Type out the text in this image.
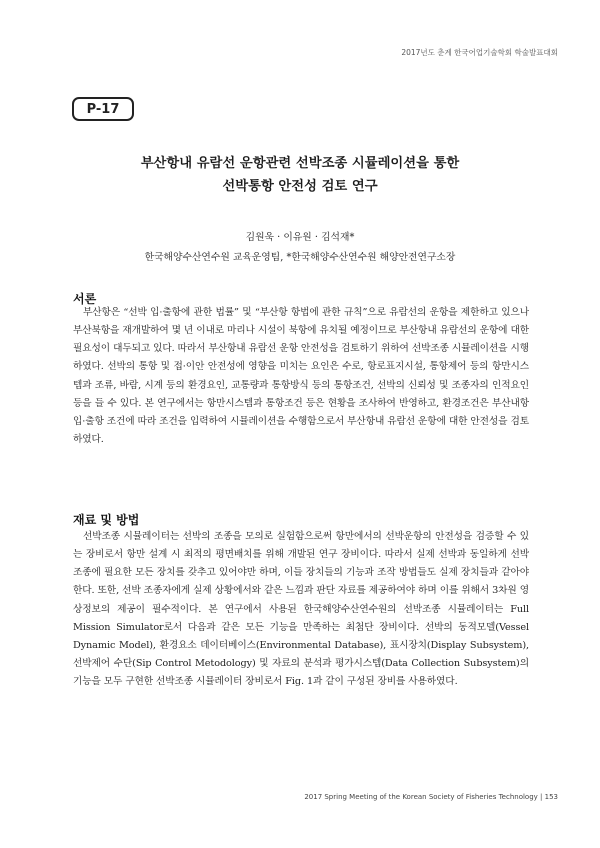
2017년도 춘계 한국어업기술학회 학술발표대회
P-17
부산항내 유람선 운항관련 선박조종 시뮬레이션을 통한
선박통항 안전성 검토 연구
김원욱 · 이유원 · 김석재*
한국해양수산연수원 교육운영팀, *한국해양수산연수원 해양안전연구소장
서론
부산항은 “선박 입·출항에 관한 법률” 및 “부산항 항법에 관한 규칙”으로 유람선의 운항을 제한하고 있으나 부산북항을 재개발하여 몇 년 이내로 마리나 시설이 북항에 유치될 예정이므로 부산항내 유람선의 운항에 대한 필요성이 대두되고 있다. 따라서 부산항내 유람선 운항 안전성을 검토하기 위하여 선박조종 시뮬레이션을 시행하였다. 선박의 통항 및 접·이안 안전성에 영향을 미치는 요인은 수로, 항로표지시설, 통항제어 등의 항만시스템과 조류, 바람, 시계 등의 환경요인, 교통량과 통항방식 등의 통항조건, 선박의 신뢰성 및 조종자의 인적요인 등을 들 수 있다. 본 연구에서는 항만시스템과 통항조건 등은 현황을 조사하여 반영하고, 환경조건은 부산내항 입·출항 조건에 따라 조건을 입력하여 시뮬레이션을 수행함으로서 부산항내 유람선 운항에 대한 안전성을 검토하였다.
재료 및 방법
선박조종 시뮬레이터는 선박의 조종을 모의로 실험함으로써 항만에서의 선박운항의 안전성을 검증할 수 있는 장비로서 항만 설계 시 최적의 평면배치를 위해 개발된 연구 장비이다. 따라서 실제 선박과 동일하게 선박 조종에 필요한 모든 장치를 갖추고 있어야만 하며, 이들 장치들의 기능과 조작 방법들도 실제 장치들과 같아야 한다. 또한, 선박 조종자에게 실제 상황에서와 같은 느낌과 판단 자료를 제공하여야 하며 이를 위해서 3차원 영상정보의 제공이 필수적이다. 본 연구에서 사용된 한국해양수산연수원의 선박조종 시뮬레이터는 Full Mission Simulator로서 다음과 같은 모든 기능을 만족하는 최첨단 장비이다. 선박의 동적모델(Vessel Dynamic Model), 환경요소 데이터베이스(Environmental Database), 표시장치(Display Subsystem), 선박제어 수단(Sip Control Metodology) 및 자료의 분석과 평가시스템(Data Collection Subsystem)의 기능을 모두 구현한 선박조종 시뮬레이터 장비로서 Fig. 1과 같이 구성된 장비를 사용하였다.
2017 Spring Meeting of the Korean Society of Fisheries Technology | 153
